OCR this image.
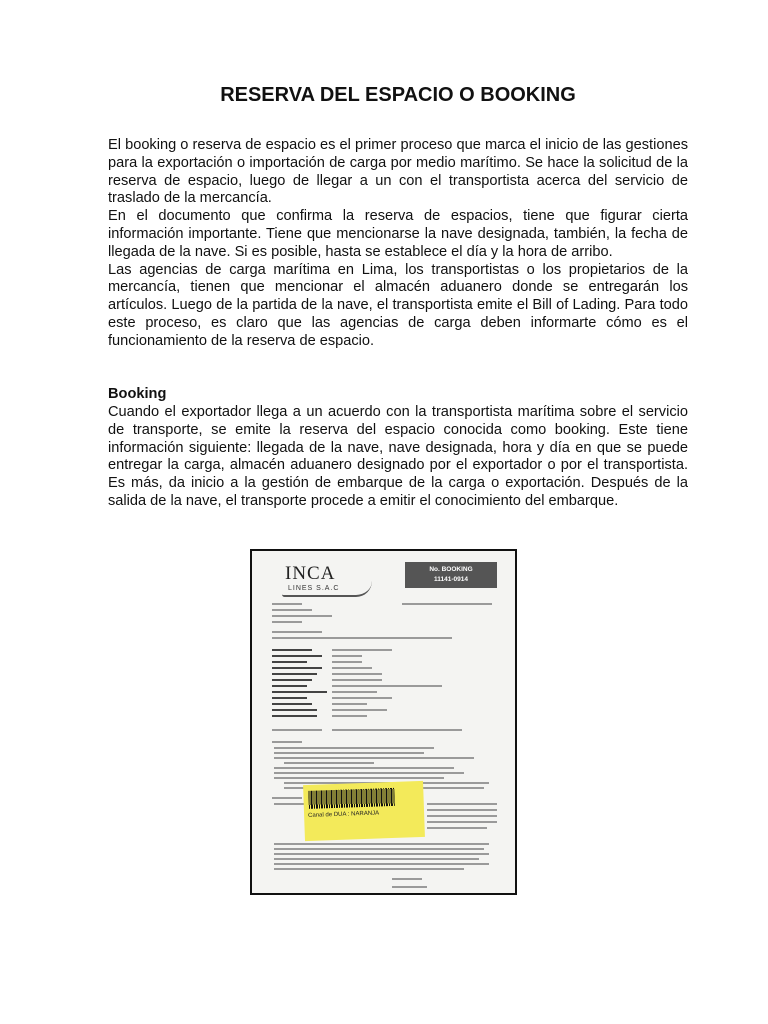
RESERVA DEL ESPACIO O BOOKING

El booking o reserva de espacio es el primer proceso que marca el inicio de las gestiones para la exportación o importación de carga por medio marítimo. Se hace la solicitud de la reserva de espacio, luego de llegar a un con el transportista acerca del servicio de traslado de la mercancía.

En el documento que confirma la reserva de espacios, tiene que figurar cierta información importante. Tiene que mencionarse la nave designada, también, la fecha de llegada de la nave. Si es posible, hasta se establece el día y la hora de arribo.

Las agencias de carga marítima en Lima, los transportistas o los propietarios de la mercancía, tienen que mencionar el almacén aduanero donde se entregarán los artículos. Luego de la partida de la nave, el transportista emite el Bill of Lading. Para todo este proceso, es claro que las agencias de carga deben informarte cómo es el funcionamiento de la reserva de espacio.

Booking

Cuando el exportador llega a un acuerdo con la transportista marítima sobre el servicio de transporte, se emite la reserva del espacio conocida como booking. Este tiene información siguiente: llegada de la nave, nave designada, hora y día en que se puede entregar la carga, almacén aduanero designado por el exportador o por el transportista. Es más, da inicio a la gestión de embarque de la carga o exportación. Después de la salida de la nave, el transporte procede a emitir el conocimiento del embarque.

INCA
LINES S.A.C
No. BOOKING
11141-0914
Canal de DUA : NARANJA
